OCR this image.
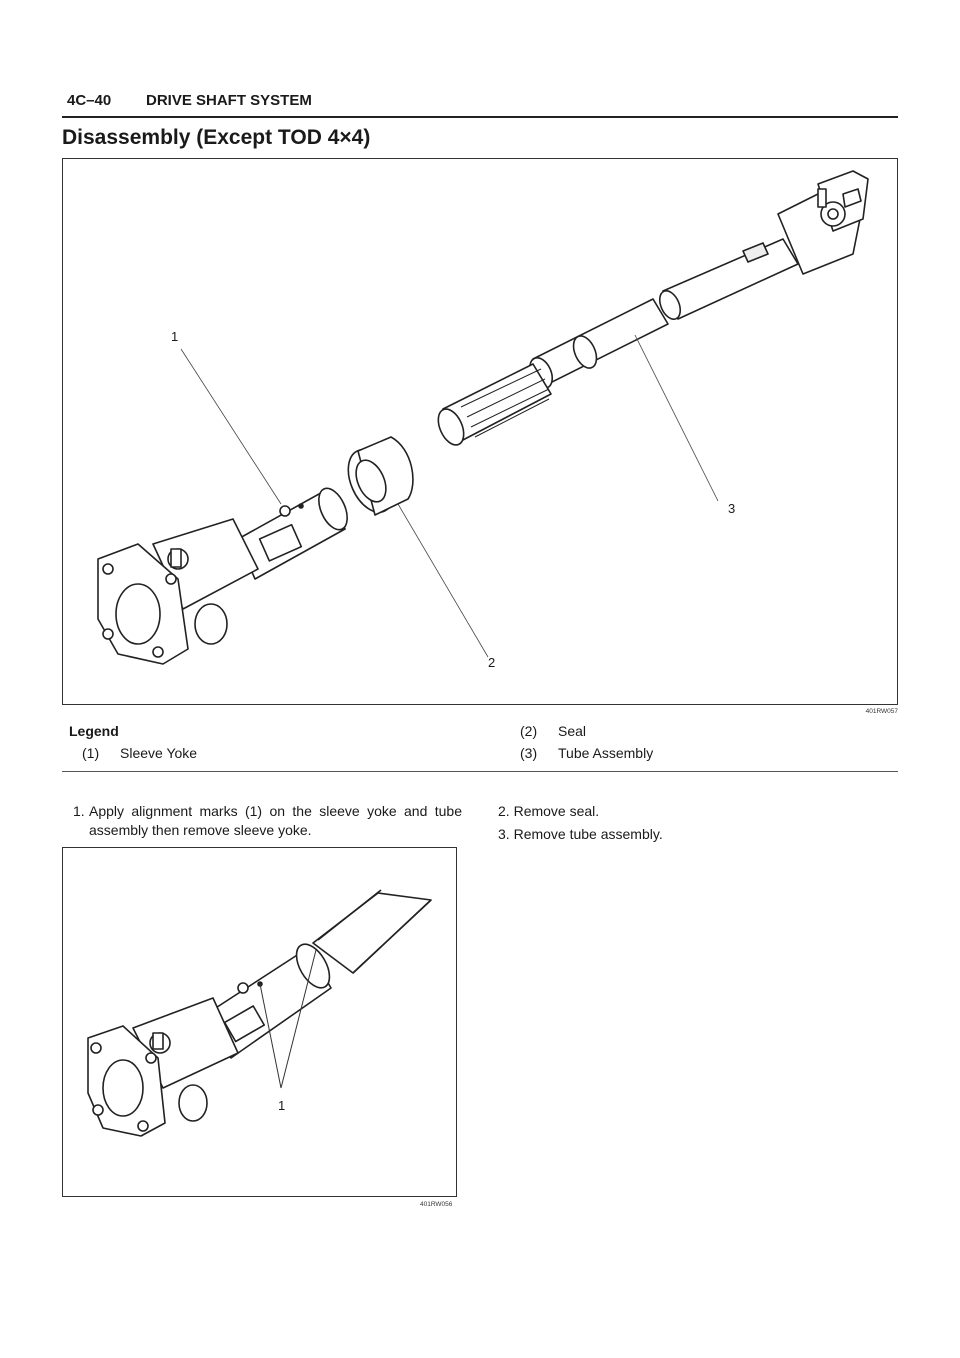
4C–40 DRIVE SHAFT SYSTEM
Disassembly (Except TOD 4×4)
1
2
3
401RW057
Legend
(1) Sleeve Yoke
(2) Seal
(3) Tube Assembly
1. Apply alignment marks (1) on the sleeve yoke and tube assembly then remove sleeve yoke.
2. Remove seal.
3. Remove tube assembly.
1
401RW056
